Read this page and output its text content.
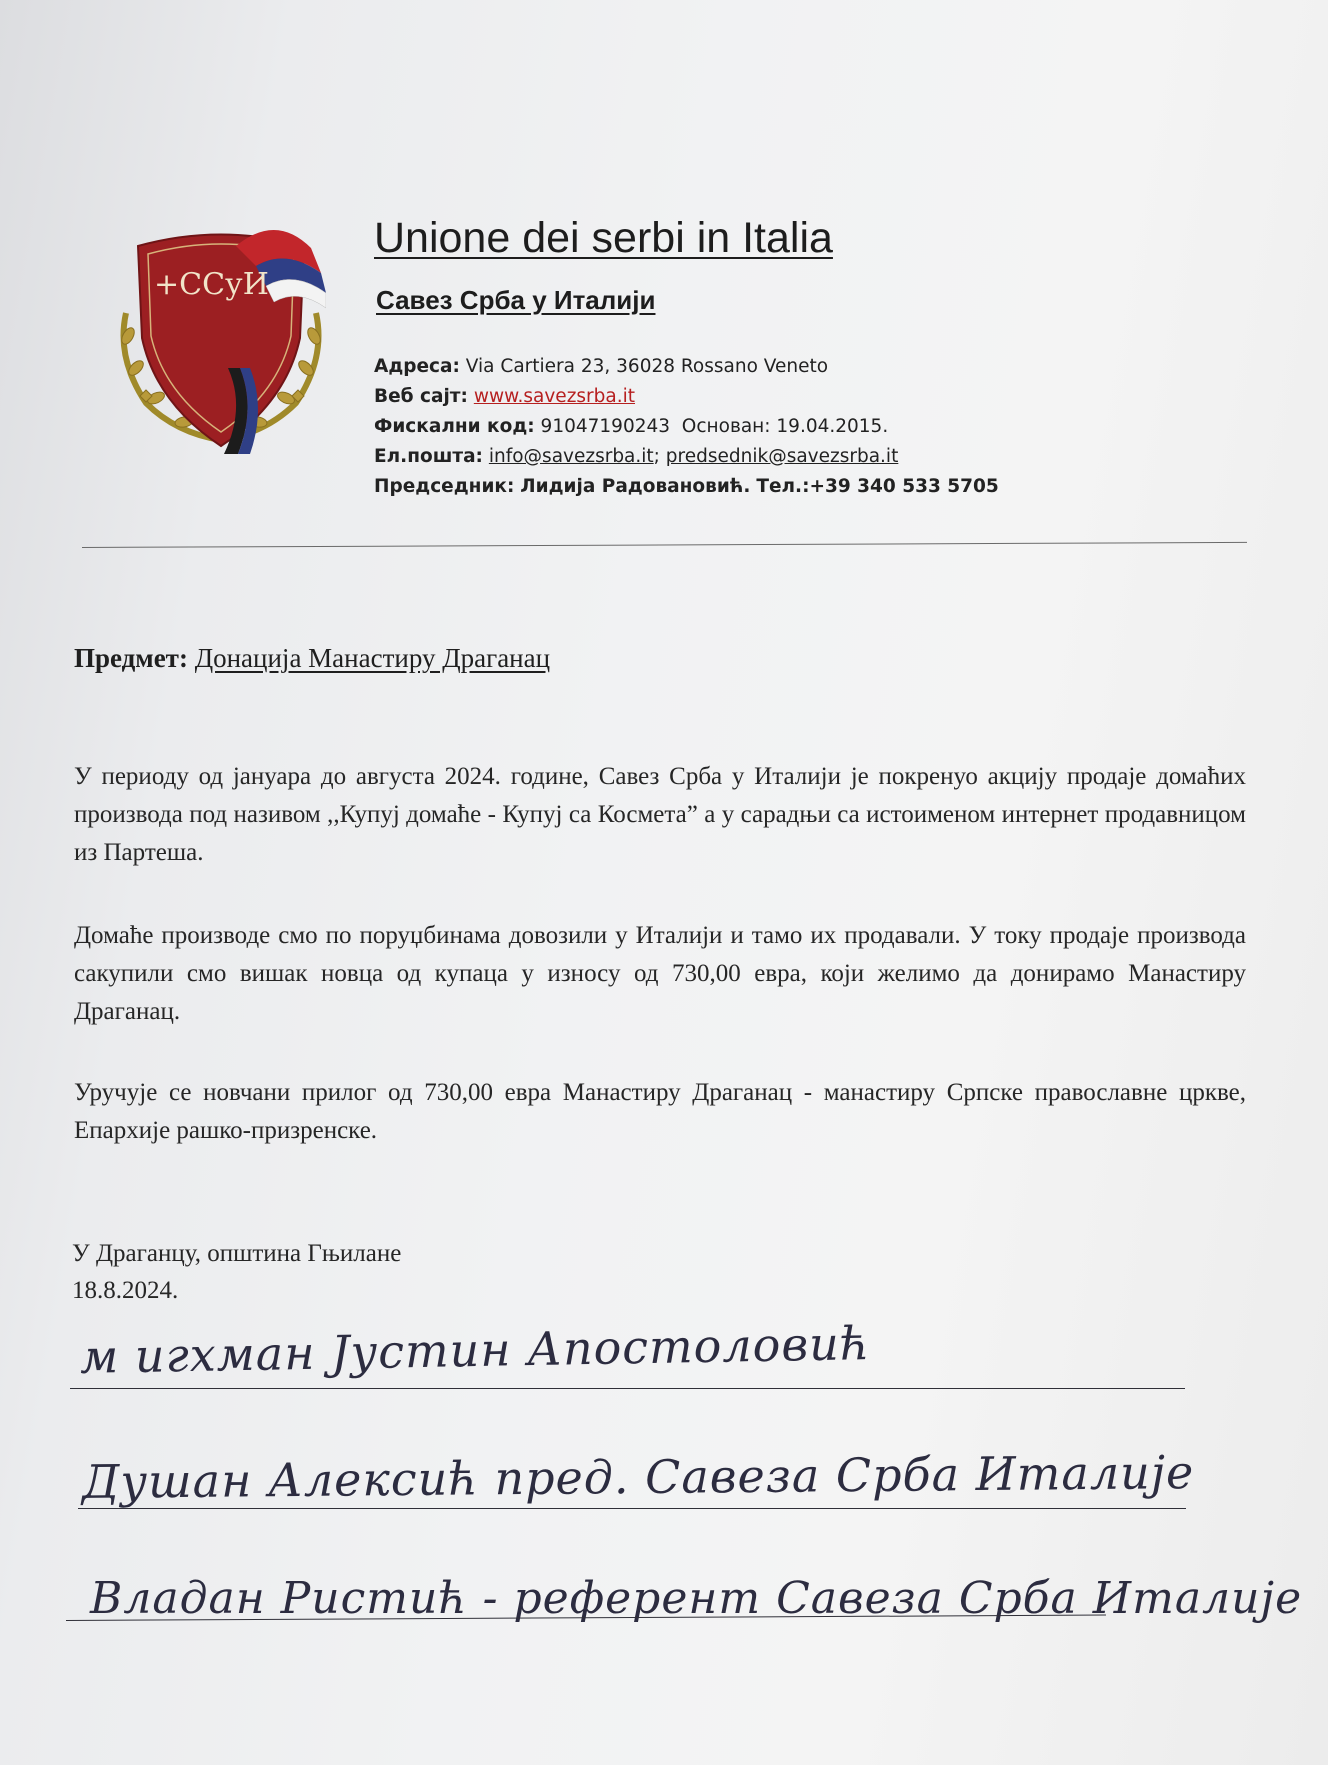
+ССуИ
Unione dei serbi in Italia
Савез Срба у Италији
Адреса: Via Cartiera 23, 36028 Rossano Veneto
Веб сајт: www.savezsrba.it
Фискални код: 91047190243 Основан: 19.04.2015.
Ел.пошта: info@savezsrba.it; predsednik@savezsrba.it
Председник: Лидија Радовановић. Тел.:+39 340 533 5705
Предмет: Донација Манастиру Драганац
У периоду од јануара до августа 2024. године, Савез Срба у Италији је покренуо акцију продаје домаћих производа под називом ,,Купуј домаће - Купуј са Космета” а у сарадњи са истоименом интернет продавницом из Партеша.
Домаће производе смо по поруџбинама довозили у Италији и тамо их продавали. У току продаје производа сакупили смо вишак новца од купаца у износу од 730,00 евра, који желимо да донирамо Манастиру Драганац.
Уручује се новчани прилог од 730,00 евра Манастиру Драганац - манастиру Српске православне цркве, Епархије рашко-призренске.
У Драганцу, општина Гњилане
18.8.2024.
м игхман Јустин Апостоловић
Душан Алексић пред. Савеза Срба Италије
Владан Ристић - референт Савеза Срба Италије
